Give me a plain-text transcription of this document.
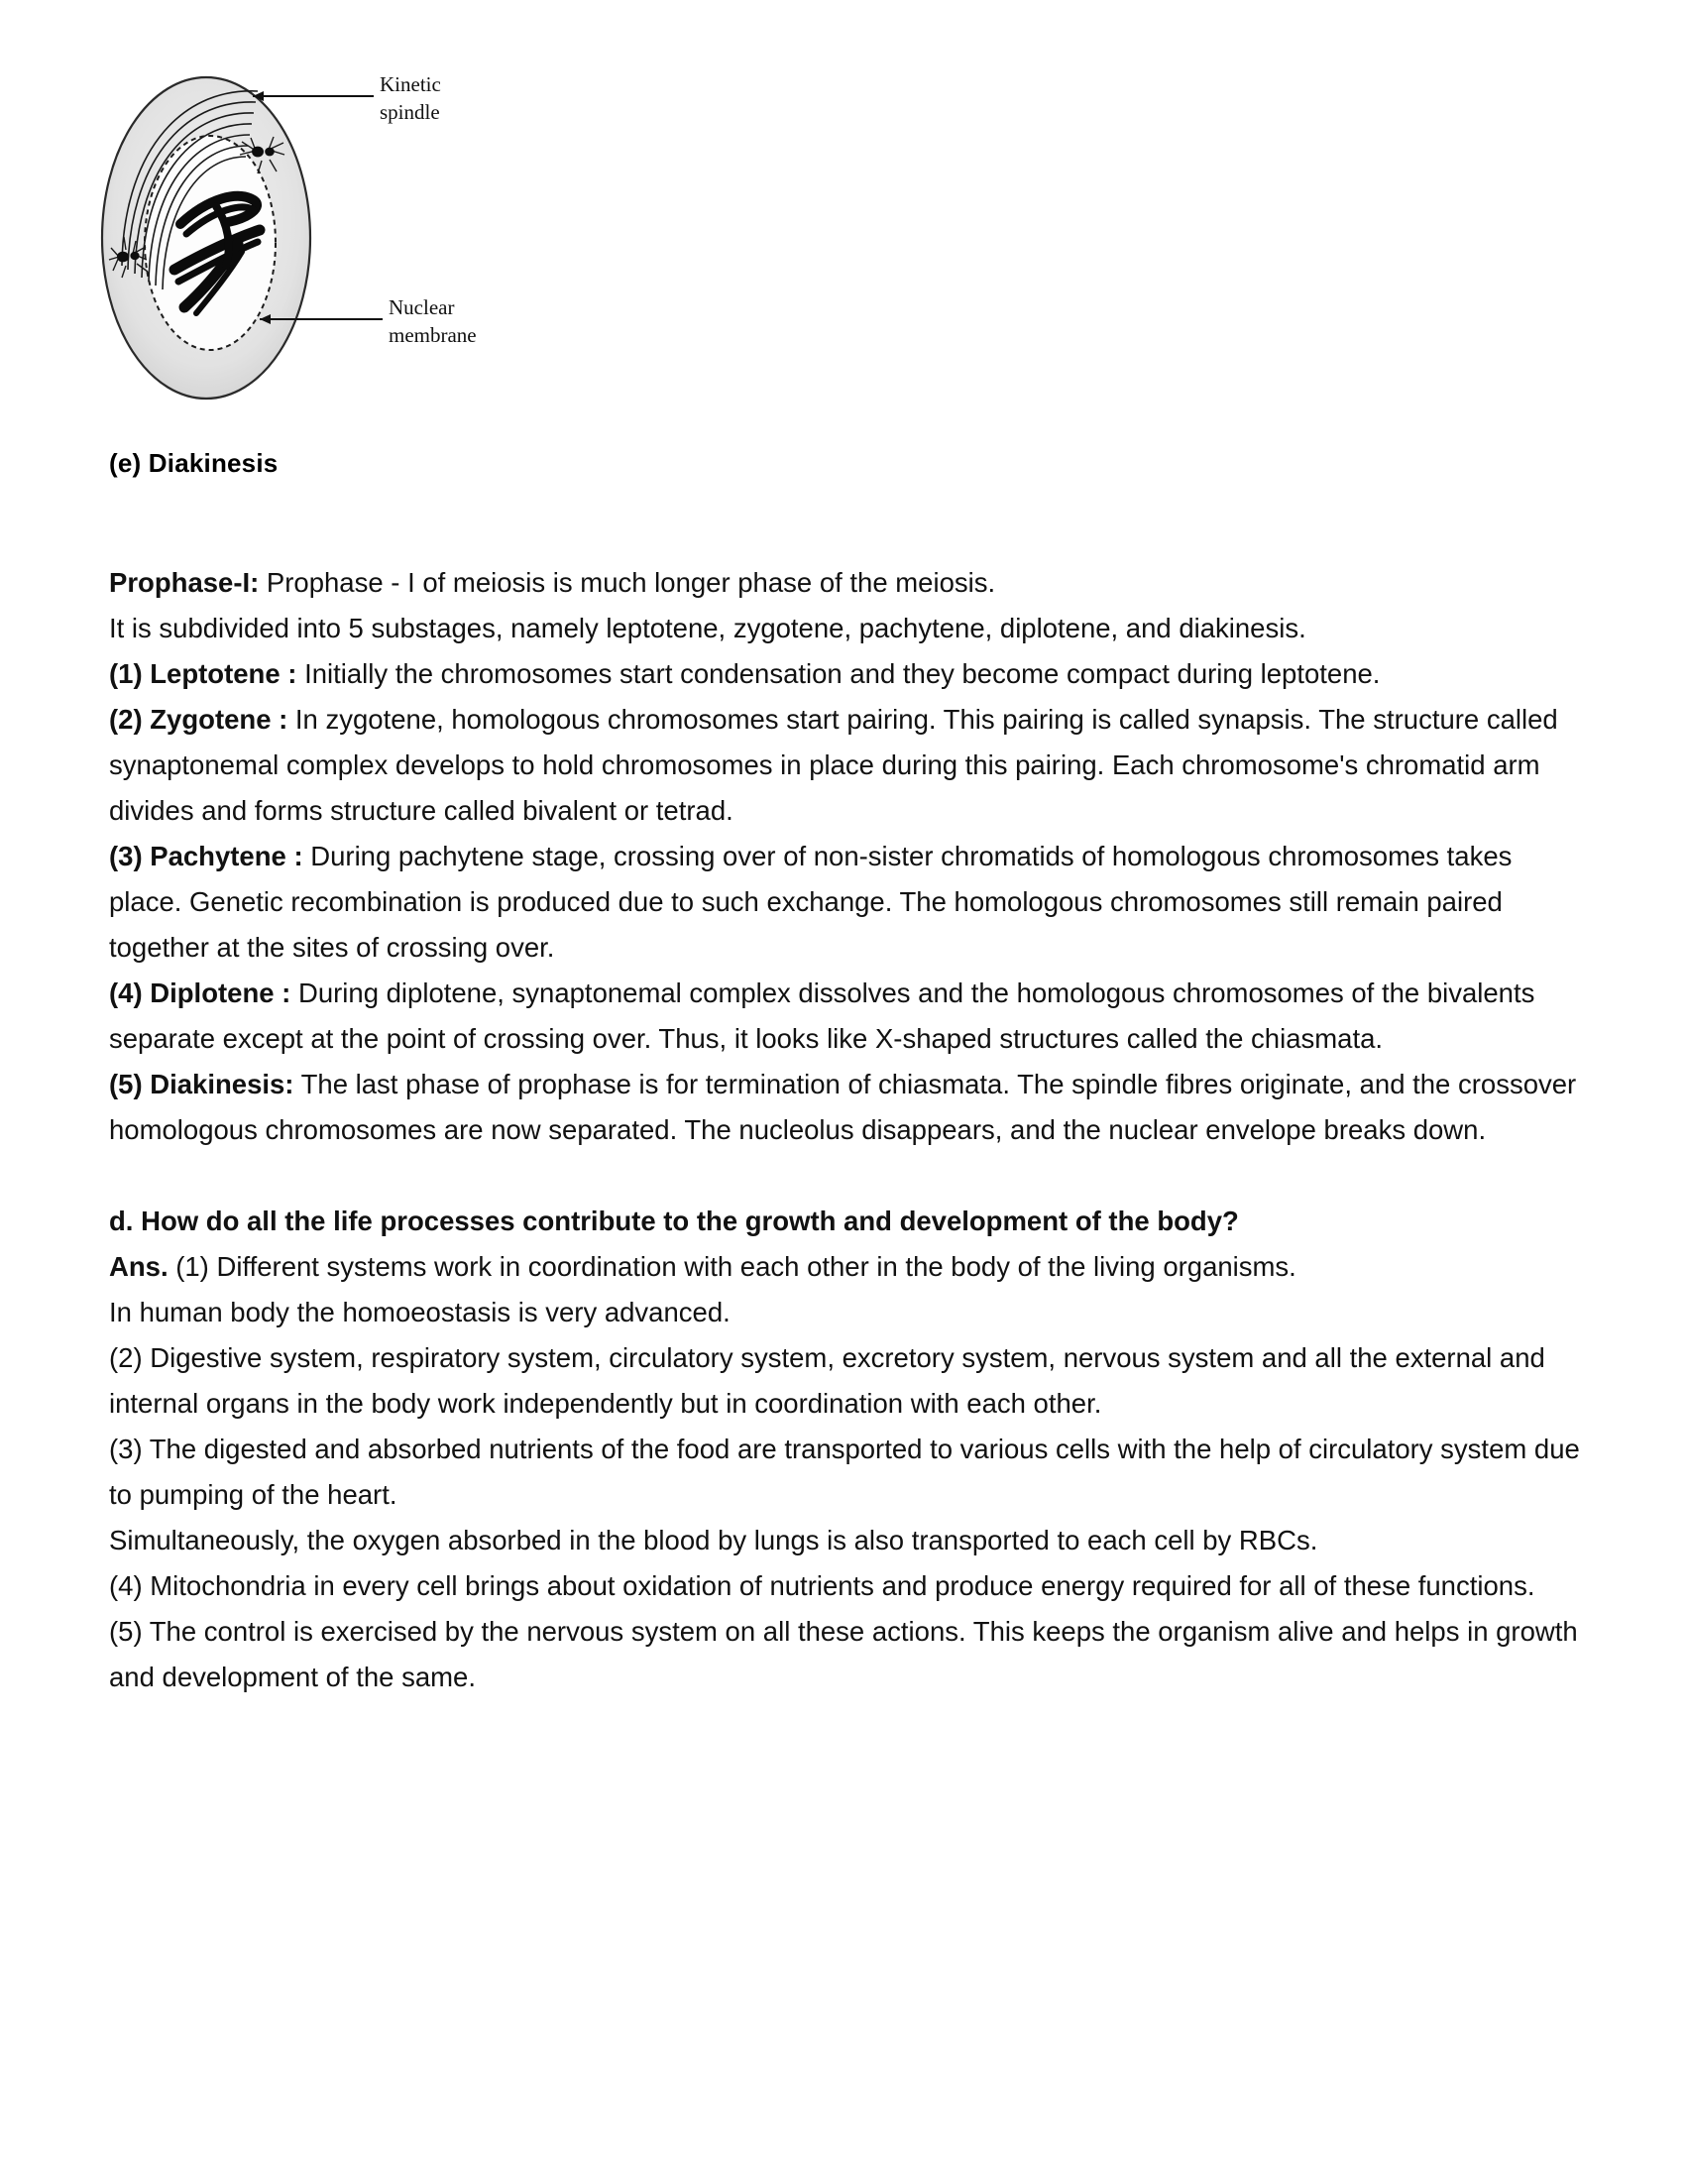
Kinetic
spindle
Nuclear
membrane
(e) Diakinesis

Prophase-I: Prophase - I of meiosis is much longer phase of the meiosis.

It is subdivided into 5 substages, namely leptotene, zygotene, pachytene, diplotene, and diakinesis.

(1) Leptotene : Initially the chromosomes start condensation and they become compact during leptotene.

(2) Zygotene : In zygotene, homologous chromosomes start pairing. This pairing is called synapsis. The structure called synaptonemal complex develops to hold chromosomes in place during this pairing. Each chromosome's chromatid arm divides and forms structure called bivalent or tetrad.

(3) Pachytene : During pachytene stage, crossing over of non-sister chromatids of homologous chromosomes takes place. Genetic recombination is produced due to such exchange. The homologous chromosomes still remain paired together at the sites of crossing over.

(4) Diplotene : During diplotene, synaptonemal complex dissolves and the homologous chromosomes of the bivalents separate except at the point of crossing over. Thus, it looks like X-shaped structures called the chiasmata.

(5) Diakinesis: The last phase of prophase is for termination of chiasmata. The spindle fibres originate, and the crossover homologous chromosomes are now separated. The nucleolus disappears, and the nuclear envelope breaks down.

d. How do all the life processes contribute to the growth and development of the body?

Ans. (1) Different systems work in coordination with each other in the body of the living organisms.

In human body the homoeostasis is very advanced.

(2) Digestive system, respiratory system, circulatory system, excretory system, nervous system and all the external and internal organs in the body work independently but in coordination with each other.

(3) The digested and absorbed nutrients of the food are transported to various cells with the help of circulatory system due to pumping of the heart.

Simultaneously, the oxygen absorbed in the blood by lungs is also transported to each cell by RBCs.

(4) Mitochondria in every cell brings about oxidation of nutrients and produce energy required for all of these functions.

(5) The control is exercised by the nervous system on all these actions. This keeps the organism alive and helps in growth and development of the same.
